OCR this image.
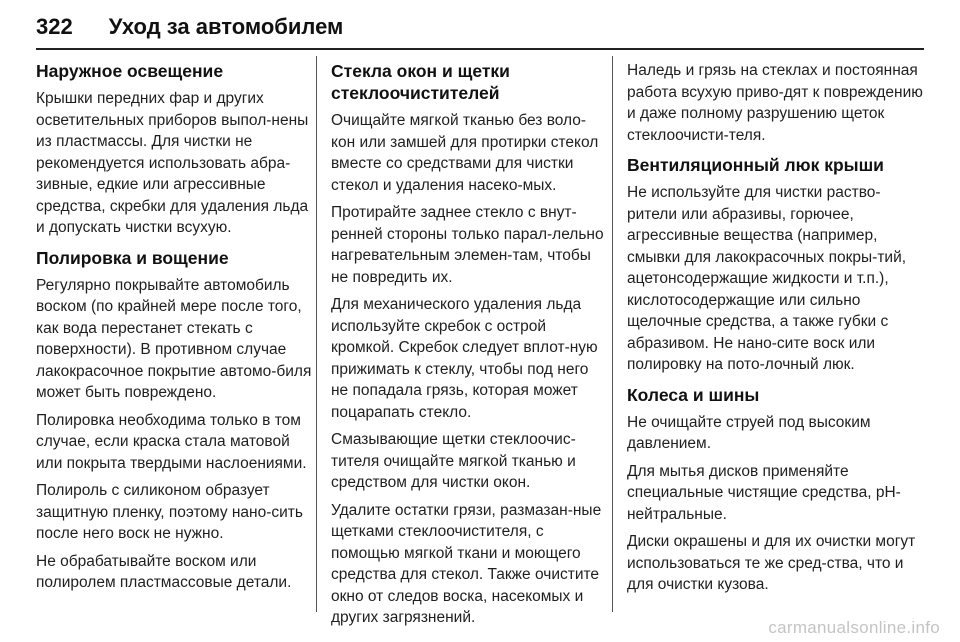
322 Уход за автомобилем
Наружное освещение

Крышки передних фар и других осветительных приборов выпол-нены из пластмассы. Для чистки не рекомендуется использовать абра-зивные, едкие или агрессивные средства, скребки для удаления льда и допускать чистки всухую.

Полировка и вощение

Регулярно покрывайте автомобиль воском (по крайней мере после того, как вода перестанет стекать с поверхности). В противном случае лакокрасочное покрытие автомо-биля может быть повреждено.

Полировка необходима только в том случае, если краска стала матовой или покрыта твердыми наслоениями.

Полироль с силиконом образует защитную пленку, поэтому нано-сить после него воск не нужно.

Не обрабатывайте воском или полиролем пластмассовые детали.

Стекла окон и щетки стеклоочистителей

Очищайте мягкой тканью без воло-кон или замшей для протирки стекол вместе со средствами для чистки стекол и удаления насеко-мых.

Протирайте заднее стекло с внут-ренней стороны только парал-лельно нагревательным элемен-там, чтобы не повредить их.

Для механического удаления льда используйте скребок с острой кромкой. Скребок следует вплот-ную прижимать к стеклу, чтобы под него не попадала грязь, которая может поцарапать стекло.

Смазывающие щетки стеклоочис-тителя очищайте мягкой тканью и средством для чистки окон.

Удалите остатки грязи, размазан-ные щетками стеклоочистителя, с помощью мягкой ткани и моющего средства для стекол. Также очистите окно от следов воска, насекомых и других загрязнений.

Наледь и грязь на стеклах и постоянная работа всухую приво-дят к повреждению и даже полному разрушению щеток стеклоочисти-теля.

Вентиляционный люк крыши

Не используйте для чистки раство-рители или абразивы, горючее, агрессивные вещества (например, смывки для лакокрасочных покры-тий, ацетонсодержащие жидкости и т.п.), кислотосодержащие или сильно щелочные средства, а также губки с абразивом. Не нано-сите воск или полировку на пото-лочный люк.

Колеса и шины

Не очищайте струей под высоким давлением.

Для мытья дисков применяйте специальные чистящие средства, pH-нейтральные.

Диски окрашены и для их очистки могут использоваться те же сред-ства, что и для очистки кузова.

carmanualsonline.info
